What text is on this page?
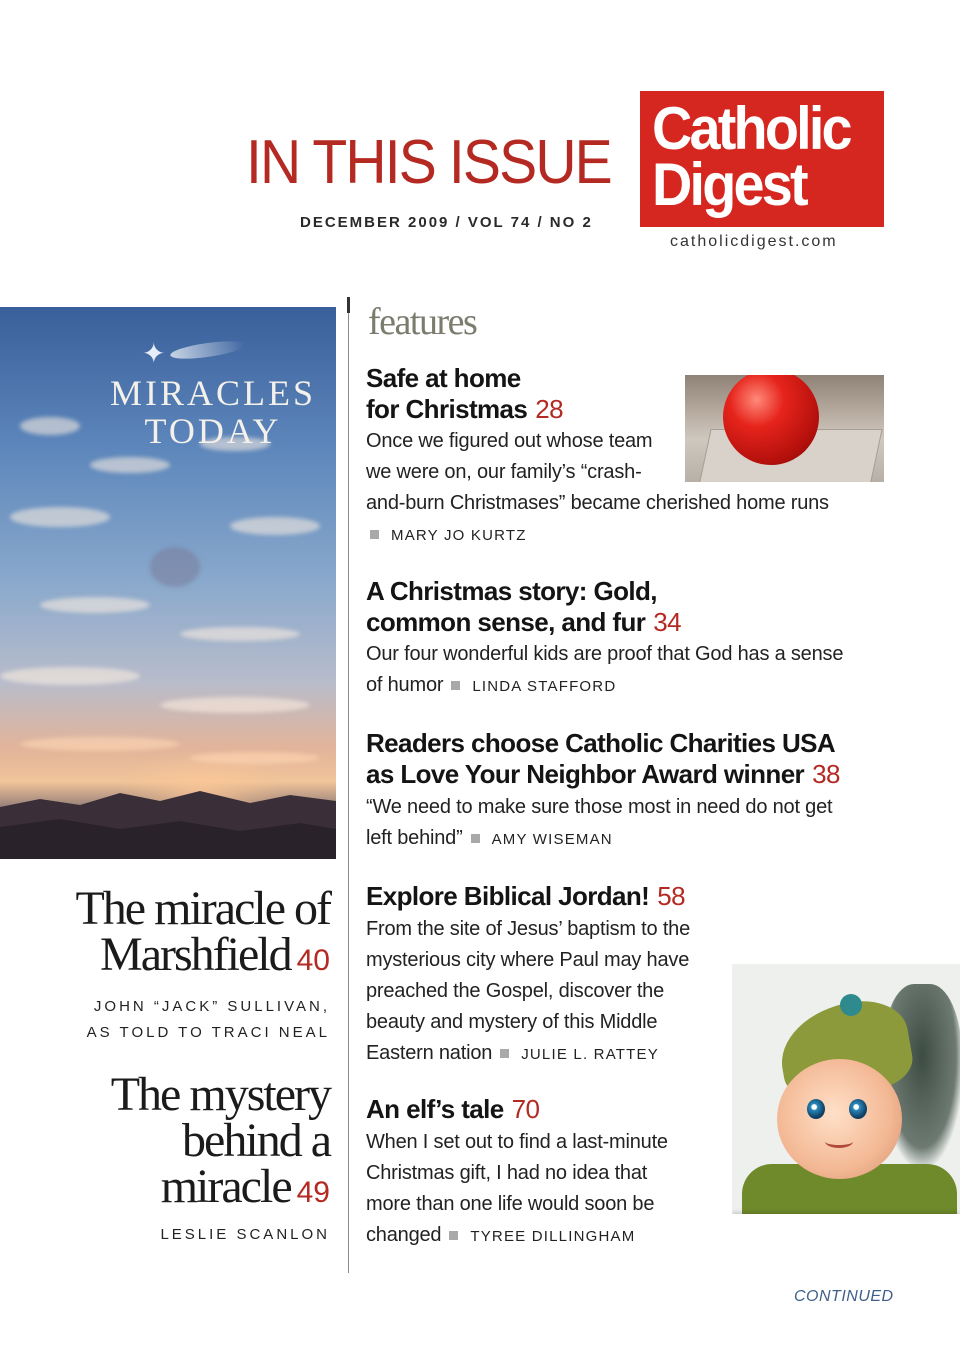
IN THIS ISSUE
DECEMBER 2009 / VOL 74 / NO 2
Catholic
Digest
catholicdigest.com
✦
MIRACLES
TODAY
The miracle of
Marshfield 40
JOHN “JACK” SULLIVAN,
AS TOLD TO TRACI NEAL
The mystery
behind a
miracle 49
LESLIE SCANLON
features
Safe at home
for Christmas 28
Once we figured out whose team
we were on, our family’s “crash-
and-burn Christmases” became cherished home runs
MARY JO KURTZ
A Christmas story: Gold,
common sense, and fur 34
Our four wonderful kids are proof that God has a sense
of humor LINDA STAFFORD
Readers choose Catholic Charities USA
as Love Your Neighbor Award winner 38
“We need to make sure those most in need do not get
left behind” AMY WISEMAN
Explore Biblical Jordan! 58
From the site of Jesus’ baptism to the
mysterious city where Paul may have
preached the Gospel, discover the
beauty and mystery of this Middle
Eastern nation JULIE L. RATTEY
An elf’s tale 70
When I set out to find a last-minute
Christmas gift, I had no idea that
more than one life would soon be
changed TYREE DILLINGHAM
CONTINUED
